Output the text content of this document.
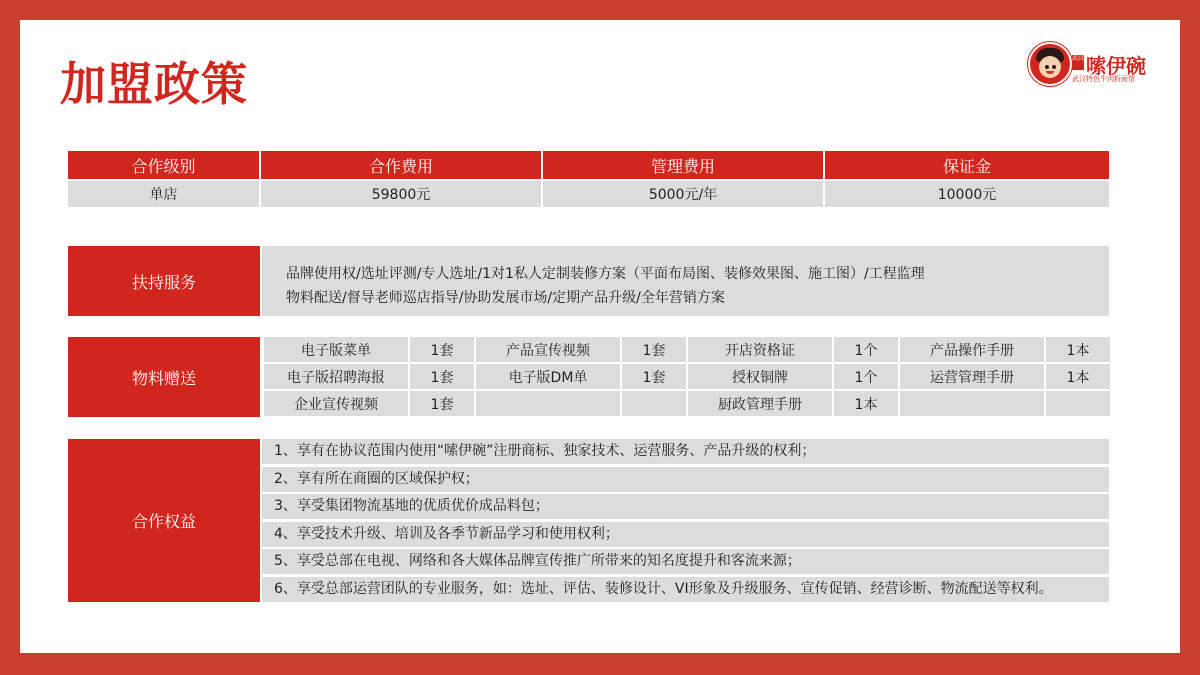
加盟政策	武汉 嗦伊碗
武汉特色牛肉粉面馆
合作级别	合作费用	管理费用	保证金
单店	59800元	5000元/年	10000元
扶持服务	品牌使用权/选址评测/专人选址/1对1私人定制装修方案（平面布局图、装修效果图、施工图）/工程监理
物料配送/督导老师巡店指导/协助发展市场/定期产品升级/全年营销方案
物料赠送
电子版菜单	1套	产品宣传视频	1套	开店资格证	1个	产品操作手册	1本
电子版招聘海报	1套	电子版DM单	1套	授权铜牌	1个	运营管理手册	1本
企业宣传视频	1套			厨政管理手册	1本		
合作权益
1、享有在协议范围内使用“嗦伊碗”注册商标、独家技术、运营服务、产品升级的权利；
2、享有所在商圈的区域保护权；
3、享受集团物流基地的优质优价成品料包；
4、享受技术升级、培训及各季节新品学习和使用权利；
5、享受总部在电视、网络和各大媒体品牌宣传推广所带来的知名度提升和客流来源；
6、享受总部运营团队的专业服务，如：选址、评估、装修设计、VI形象及升级服务、宣传促销、经营诊断、物流配送等权利。
